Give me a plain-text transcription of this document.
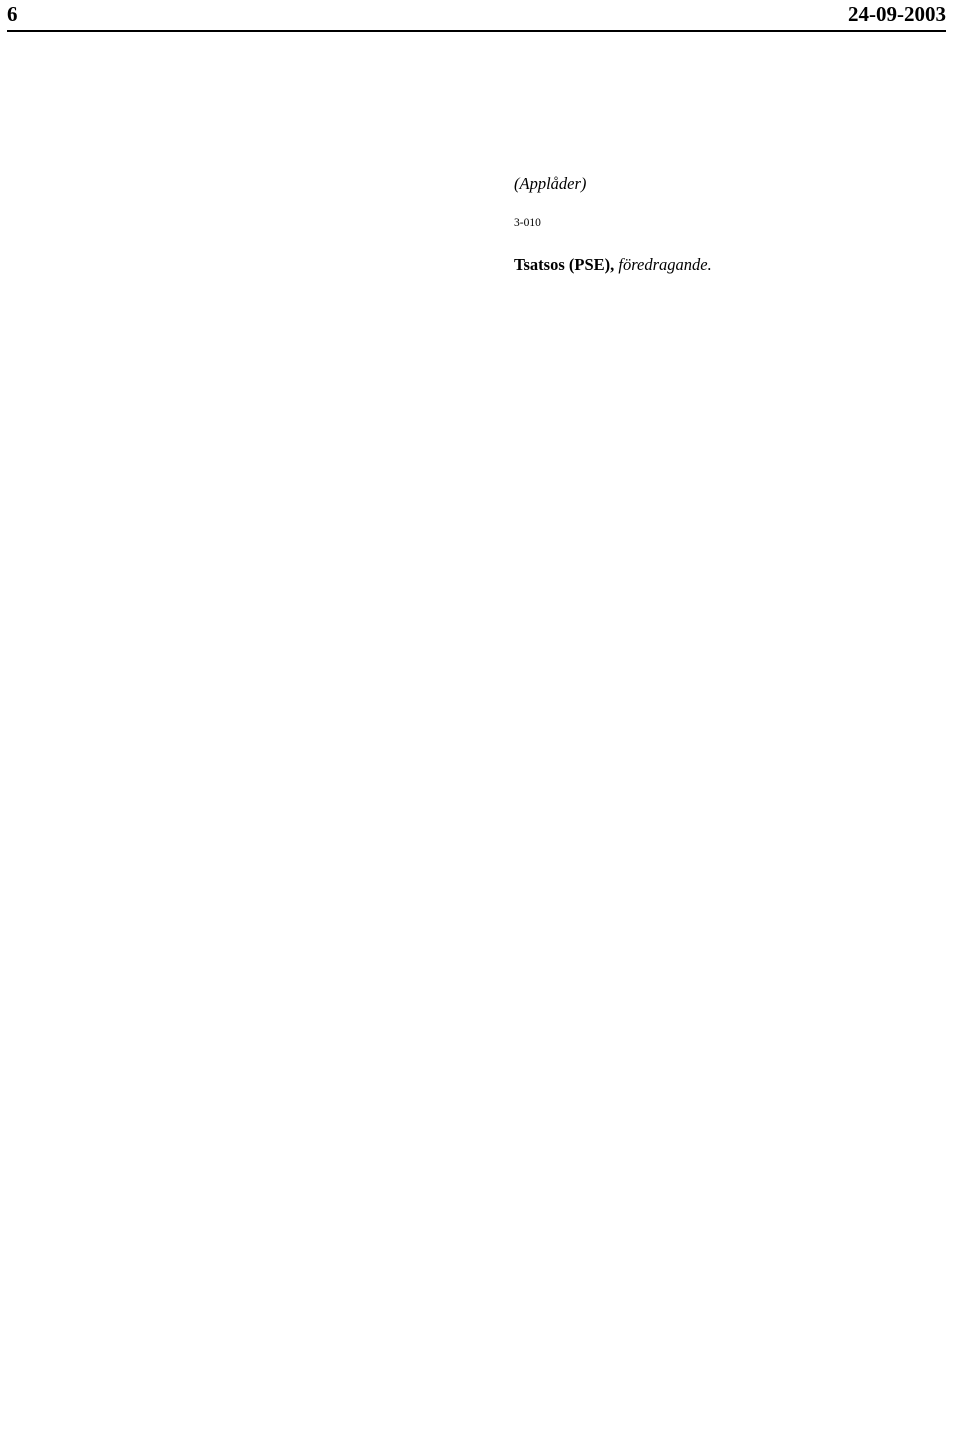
6	24-09-2003

(Applåder)

3-010

Tsatsos (PSE), föredragande.
